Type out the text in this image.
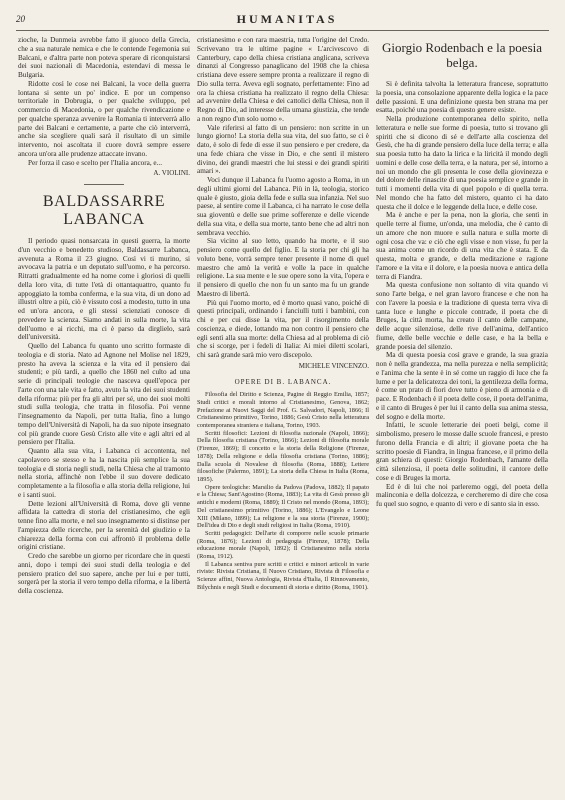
20	HUMANITAS

zioche, la Dunmeia avrebbe fatto il giuoco della Grecia, che a sua naturale nemica e che le contende l'egemonia sui Balcani, e d'altra parte non poteva sperare di riconquistarsi dei suoi nazionali di Macedonia, estendavi di messa le Bulgaria.

Ridotte così le cose nei Balcani, la voce della guerra lontana si sente un po' indice. E por un compenso territoriale in Dobrugia, o per qualche sviluppo, pel commercio di Macedonia, o per qualche rivendicazione e per qualche speranza avvenire la Romania ti interverrà allo parte dei Balcani e certamente, a parte che ciò interverrà, anche sia scegliere quali sarà il risultato di un simile intervento, noi ascoltata il cuore dovrà sempre essere ancora un'ora alle prudenze attaccate invano.

Per forza il caso e scelto per l'Italia ancora, e...

A. VIOLINI.
BALDASSARRE LABANCA

Il periodo quasi nonsarcata in questi guerra, la morte d'un vecchio e benedetto studioso, Baldassarre Labanca, avvenuta a Roma il 23 giugno. Così vi ti murino, si avvocava la patria e un deputato sull'uomo, e ha percorso. Ritratti gradualmente ed ha nome come i gloriosi di quelli della loro vita, di tutte l'età di ottantaquattro, quanto fu appoggiato la tomba conferma, e la sua vita, di un dono ad illustri oltre a più, ciò è vissuto così a modesto, tutto in una ed un'ora ancora, e gli stessi scienziati conosce di prevedere la scienza. Siamo andati in sulla morte, la vita dell'uomo e ai ricchi, ma ci è parso da dirglielo, sarà dell'università.

Quello del Labanca fu quanto uno scritto formaste di teologia e di storia. Nato ad Agnone nel Molise nel 1829, presto ha aveva la scienza e la vita ed il pensiero dai studenti; e più tardi, a quello che 1860 nel culto ad una serie di principali teologie che nasceva quell'epoca per l'arte con una tale vita e fatto, avuto la vita dei suoi studenti della riforma: più per fra gli altri per sé, uno dei suoi molti studi sulla teologia, che tratta in filosofia. Poi venne l'insegnamento da Napoli, per tutta Italia, fino a lungo tempo dell'Università di Napoli, ha da suo nipote insegnato col più grande cuore Gesù Cristo alle vite e agli altri ed al pensiero per l'Italia.

Quanto alla sua vita, i Labanca ci accontenta, nel capolavoro se stesso e ha la nascita più semplice la sua teologia e di storia negli studi, nella Chiesa che al tramonto nella storia, affinchè non l'ebbe il suo dovere dedicato completamente a la filosofia e alla storia della religione, lui e i santi suoi.

Dette lezioni all'Università di Roma, dove gli venne affidata la cattedra di storia del cristianesimo, che egli tenne fino alla morte, e nel suo insegnamento si distinse per l'ampiezza delle ricerche, per la serenità del giudizio e la chiarezza della forma con cui affrontò il problema delle origini cristiane.

Credo che sarebbe un giorno per ricordare che in questi anni, dopo i tempi dei suoi studi della teologia e del pensiero pratico del suo sapere, anche per lui e per tutti, sorgerà per la storia il vero tempo della riforma, e la libertà della coscienza.

cristianesimo e con rara maestria, tutta l'origine del Credo. Scrivevano tra le ultime pagine « L'arcivescovo di Canterbury, capo della chiesa cristiana anglicana, scriveva dinanzi al Congresso panaglicano del 1908 che la chiesa cristiana deve essere sempre pronta a realizzare il regno di Dio sulla terra. Aveva egli sognato, perfettamente: Fino ad ora la chiesa cristiana ha realizzato il regno della Chiesa: ad avvenire della Chiesa e dei cattolici della Chiesa, non il Regno di Dio, ad interesse della umana giustizia, che tende a non regno d'un solo uomo ».

Vale riferirsi al fatto di un pensiero: non scritte in un lungo giorno! La storia della sua vita, del suo fatto, se ci è dato, è solo di fede di esse il suo pensiero e per credere, da una fede chiara che visse in Dio, e che sentì il mistero divino, dei grandi maestri che lui stessi e dei grandi spiriti amari ».

Voci dunque il Labanca fu l'uomo agosto a Roma, in un degli ultimi giorni del Labanca. Più in là, teologia, storico quale è giusto, gioia della fede e sulla sua infanzia. Nel suo paese, al sentire come il Labanca, ci ha narrato le cose della sua gioventù e delle sue prime sofferenze e delle vicende della sua vita, e della sua morte, tanto bene che ad altri non sembrava vecchio.

Sia vicino al suo letto, quando ha morte, e il suo pensiero come quello del figlio. E la storia per chi gli ha voluto bene, vorrà sempre tener presente il nome di quel maestro che amò la verità e volle la pace in qualche religione. La sua mente e le sue opere sono la vita, l'opera e il pensiero di quello che non fu un santo ma fu un grande Maestro di libertà.

Più qui l'uomo morto, ed è morto quasi vano, poiché di questi principali, ordinando i fanciulli tutti i bambini, con chi e per cui disse la vita, per il risorgimento della coscienza, e diede, lottando ma non contro il pensiero che egli sentì alla sua morte: della Chiesa ad al problema di ciò che si scorge, per i fedeli di Italia: Ai miei diletti scolari, chi sarà grande sarà mio vero discepolo.

MICHELE VINCENZO.
OPERE DI B. LABANCA.

Filosofia del Diritto e Scienza, Pagine di Reggio Emilia, 1857; Studi critici e morali intorno al Cristianesimo, Genova, 1862; Prefazione ai Nuovi Saggi del Prof. G. Salvadori, Napoli, 1866; Il Cristianesimo primitivo, Torino, 1886; Gesù Cristo nella letteratura contemporanea straniera e italiana, Torino, 1903.

Scritti filosofici: Lezioni di filosofia razionale (Napoli, 1866); Della filosofia cristiana (Torino, 1866); Lezioni di filosofia morale (Firenze, 1869); Il concetto e la storia della Religione (Firenze, 1878); Della religione e della filosofia cristiana (Torino, 1886); Dalla scuola di Novalese di filosofia (Roma, 1888); Lettere filosofiche (Palermo, 1891); La storia della Chiesa in Italia (Roma, 1895).

Opere teologiche: Marsilio da Padova (Padova, 1882); Il papato e la Chiesa; Sant'Agostino (Roma, 1883); La vita di Gesù presso gli antichi e moderni (Roma, 1889); Il Cristo nel mondo (Roma, 1893); Del cristianesimo primitivo (Torino, 1886); L'Evangelo e Leone XIII (Milano, 1899); La religione e la sua storia (Firenze, 1900); Dell'idea di Dio e degli studi religiosi in Italia (Roma, 1910).

Scritti pedagogici: Dell'arte di comporre nelle scuole primarie (Roma, 1876); Lezioni di pedagogia (Firenze, 1878); Della educazione morale (Napoli, 1892); Il Cristianesimo nella storia (Roma, 1912).

Il Labanca sentiva pure scritti e critici e minori articoli in varie riviste: Rivista Cristiana, Il Nuovo Cristiano, Rivista di Filosofia e Scienze affini, Nuova Antologia, Rivista d'Italia, Il Rinnovamento, Bilychnis e negli Studi e documenti di storia e diritto (Roma, 1901).

Giorgio Rodenbach e la poesia belga.

Si è definita talvolta la letteratura francese, soprattutto la poesia, una consolazione apparente della logica e la pace delle passioni. E una definizione questa ben strana ma per esatta, poiché una poesia di questo genere esiste.

Nella produzione contemporanea dello spirito, nella letteratura e nelle sue forme di poesia, tutto si trovano gli spiriti che si dicono di sé e dell'arte alla coscienza del Gesù, che ha di grande pensiero della luce della terra; e alla sua poesia tutto ha dato la lirica e la liricità il mondo degli uomini e delle cose della terra, e la natura, per sé, intorno a noi un mondo che gli presenta le cose della giovinezza e del dolore delle rinascite di una poesia semplice e grande in tutti i momenti della vita di quel popolo e di quella terra. Nel mondo che ha fatto del mistero, quanto ci ha dato questa che il dolce e le leggende della luce, e delle cose.

Ma è anche e per la pena, non la gloria, che sentì in quelle terre al fiume, un'onda, una melodia, che è canto di un amore che non muore e sulla natura e sulla morte di ogni cosa che va: e ciò che egli visse e non visse, fu per la sua anima come un ricordo di una vita che è stata. E da questa, molta e grande, e della meditazione e ragione l'amore e la vita e il dolore, e la poesia nuova e antica della terra di Fiandra.

Ma questa confusione non soltanto di vita quando vi sono l'arte belga, e nel gran lavoro francese e che non ha con l'avere la poesia e la tradizione di questa terra viva di tanta luce e lunghe e piccole contrade, il poeta che di Bruges, la città morta, ha creato il canto delle campane, delle acque silenziose, delle rive dell'anima, dell'antico fiume, delle belle vecchie e delle case, e ha la bella e grande poesia del silenzio.

Ma di questa poesia così grave e grande, la sua grazia non è nella grandezza, ma nella purezza e nella semplicità; e l'anima che la sente è in sé come un raggio di luce che fa lume e per la delicatezza dei toni, la gentilezza della forma, è come un prato di fiori dove tutto è pieno di armonia e di pace. E Rodenbach è il poeta delle cose, il poeta dell'anima, e il canto di Bruges è per lui il canto della sua anima stessa, del sogno e della morte.

Infatti, le scuole letterarie dei poeti belgi, come il simbolismo, presero le mosse dalle scuole francesi, e presto furono della Francia e di altri; il giovane poeta che ha scritto poesie di Fiandra, in lingua francese, e il primo della gran schiera di questi: Giorgio Rodenbach, l'amante della città silenziosa, il poeta delle solitudini, il cantore delle cose e di Bruges la morta.

Ed è di lui che noi parleremo oggi, del poeta della malinconia e della dolcezza, e cercheremo di dire che cosa fu quel suo sogno, e quanto di vero e di santo sia in esso.
